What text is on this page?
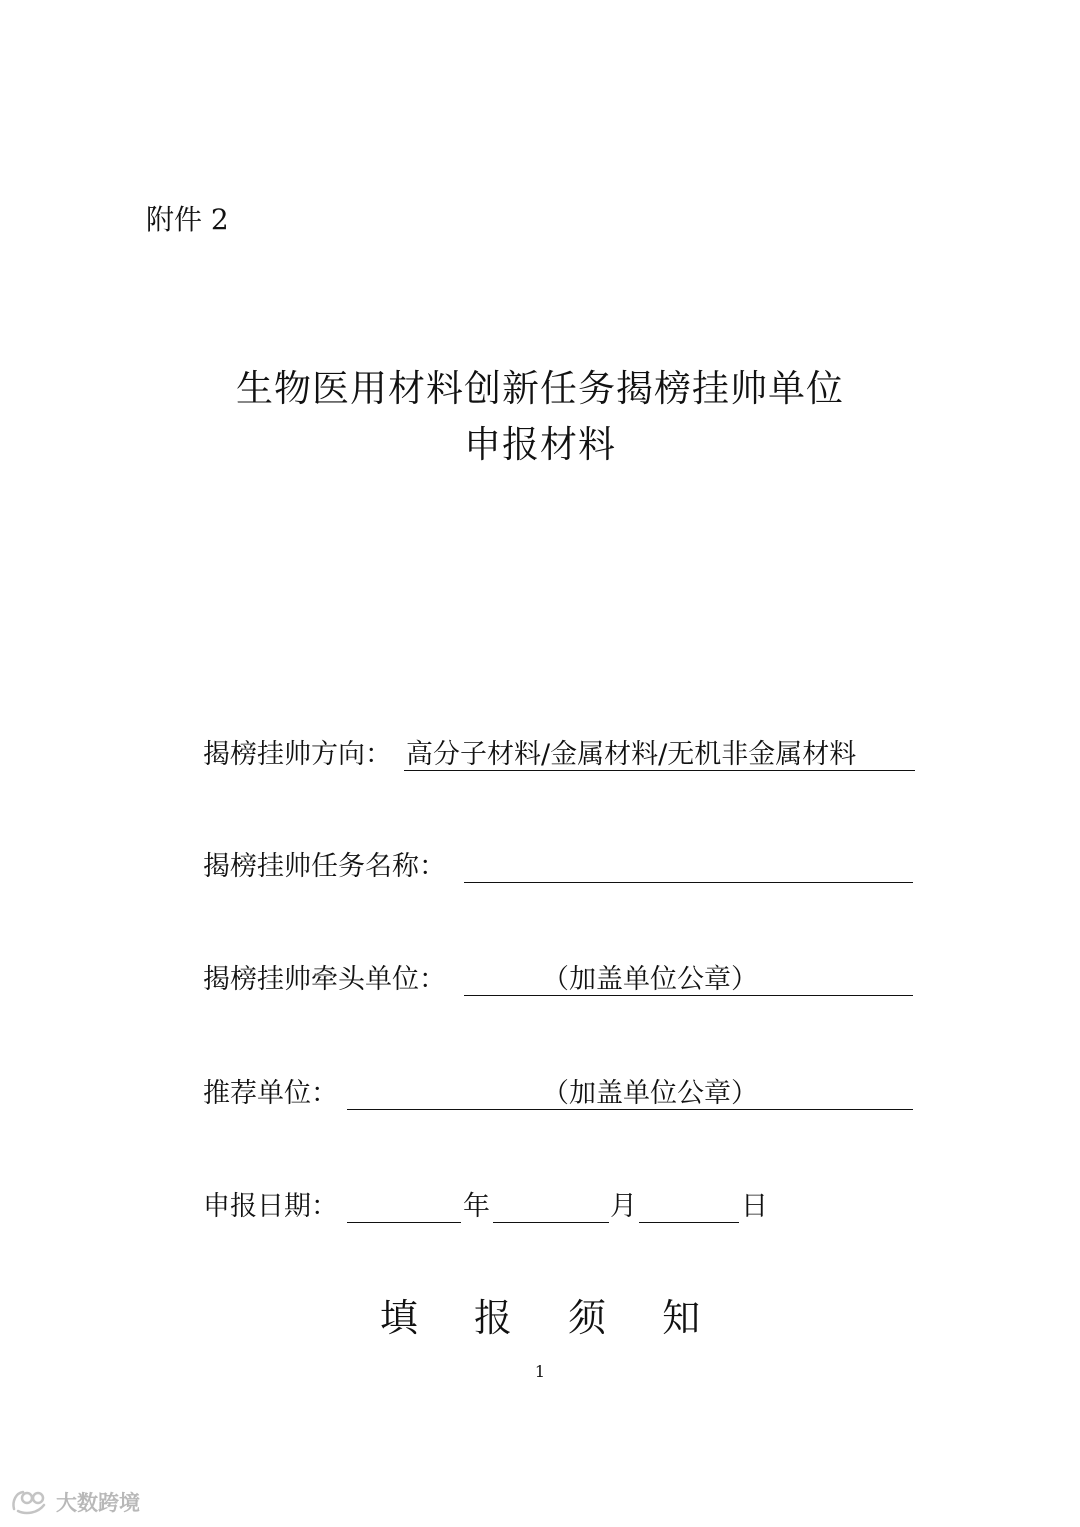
附件 2
生物医用材料创新任务揭榜挂帅单位
申报材料
揭榜挂帅方向： 高分子材料/金属材料/无机非金属材料
揭榜挂帅任务名称：
揭榜挂帅牵头单位：	（加盖单位公章）
推荐单位：	（加盖单位公章）
申报日期：	年	月	日
填 报 须 知
1
大数跨境
